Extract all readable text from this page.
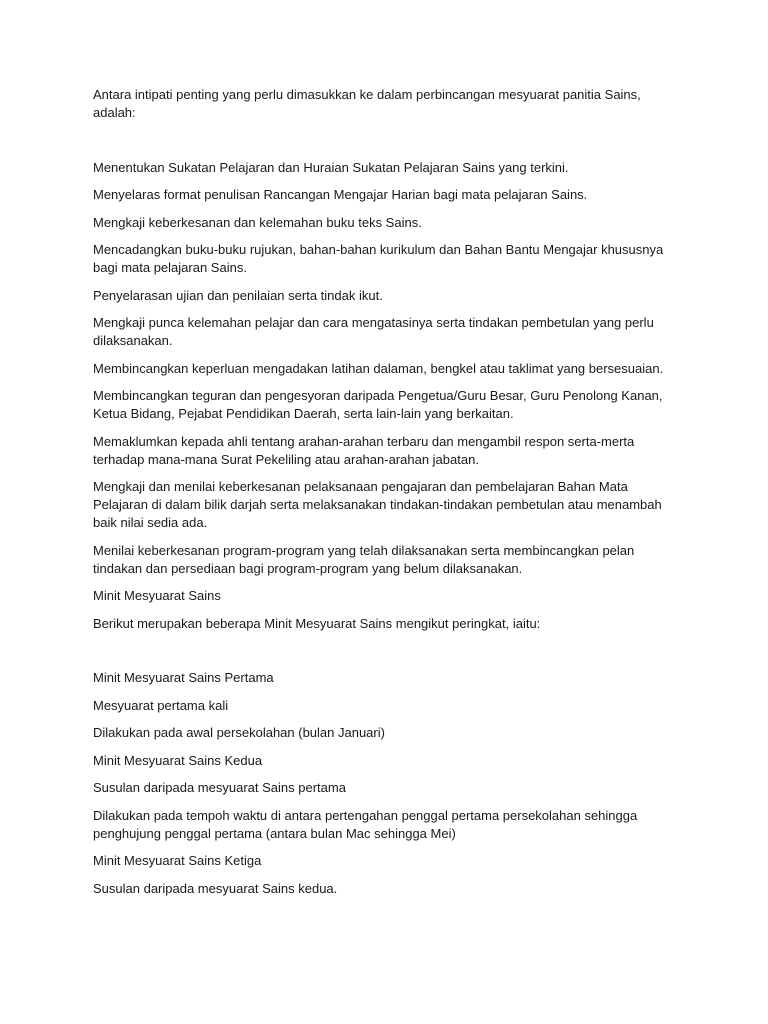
Antara intipati penting yang perlu dimasukkan ke dalam perbincangan mesyuarat panitia Sains, adalah:

Menentukan Sukatan Pelajaran dan Huraian Sukatan Pelajaran Sains yang terkini.

Menyelaras format penulisan Rancangan Mengajar Harian bagi mata pelajaran Sains.

Mengkaji keberkesanan dan kelemahan buku teks Sains.

Mencadangkan buku-buku rujukan, bahan-bahan kurikulum dan Bahan Bantu Mengajar khususnya bagi mata pelajaran Sains.

Penyelarasan ujian dan penilaian serta tindak ikut.

Mengkaji punca kelemahan pelajar dan cara mengatasinya serta tindakan pembetulan yang perlu dilaksanakan.

Membincangkan keperluan mengadakan latihan dalaman, bengkel atau taklimat yang bersesuaian.

Membincangkan teguran dan pengesyoran daripada Pengetua/Guru Besar, Guru Penolong Kanan, Ketua Bidang, Pejabat Pendidikan Daerah, serta lain-lain yang berkaitan.

Memaklumkan kepada ahli tentang arahan-arahan terbaru dan mengambil respon serta-merta terhadap mana-mana Surat Pekeliling atau arahan-arahan jabatan.

Mengkaji dan menilai keberkesanan pelaksanaan pengajaran dan pembelajaran Bahan Mata Pelajaran di dalam bilik darjah serta melaksanakan tindakan-tindakan pembetulan atau menambah baik nilai sedia ada.

Menilai keberkesanan program-program yang telah dilaksanakan serta membincangkan pelan tindakan dan persediaan bagi program-program yang belum dilaksanakan.

Minit Mesyuarat Sains

Berikut merupakan beberapa Minit Mesyuarat Sains mengikut peringkat, iaitu:

Minit Mesyuarat Sains Pertama

Mesyuarat pertama kali

Dilakukan pada awal persekolahan (bulan Januari)

Minit Mesyuarat Sains Kedua

Susulan daripada mesyuarat Sains pertama

Dilakukan pada tempoh waktu di antara pertengahan penggal pertama persekolahan sehingga penghujung penggal pertama (antara bulan Mac sehingga Mei)

Minit Mesyuarat Sains Ketiga

Susulan daripada mesyuarat Sains kedua.
